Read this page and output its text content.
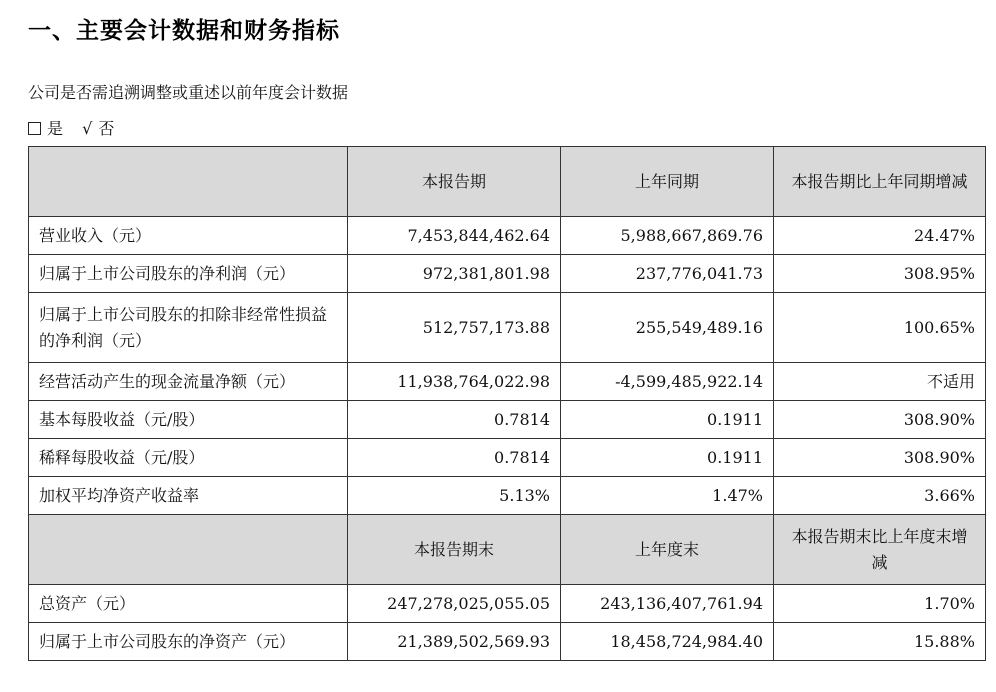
一、主要会计数据和财务指标
公司是否需追溯调整或重述以前年度会计数据
是 √ 否
	本报告期	上年同期	本报告期比上年同期增减
营业收入（元）	7,453,844,462.64	5,988,667,869.76	24.47%
归属于上市公司股东的净利润（元）	972,381,801.98	237,776,041.73	308.95%
归属于上市公司股东的扣除非经常性损益的净利润（元）	512,757,173.88	255,549,489.16	100.65%
经营活动产生的现金流量净额（元）	11,938,764,022.98	-4,599,485,922.14	不适用
基本每股收益（元/股）	0.7814	0.1911	308.90%
稀释每股收益（元/股）	0.7814	0.1911	308.90%
加权平均净资产收益率	5.13%	1.47%	3.66%
	本报告期末	上年度末	本报告期末比上年度末增减
总资产（元）	247,278,025,055.05	243,136,407,761.94	1.70%
归属于上市公司股东的净资产（元）	21,389,502,569.93	18,458,724,984.40	15.88%
